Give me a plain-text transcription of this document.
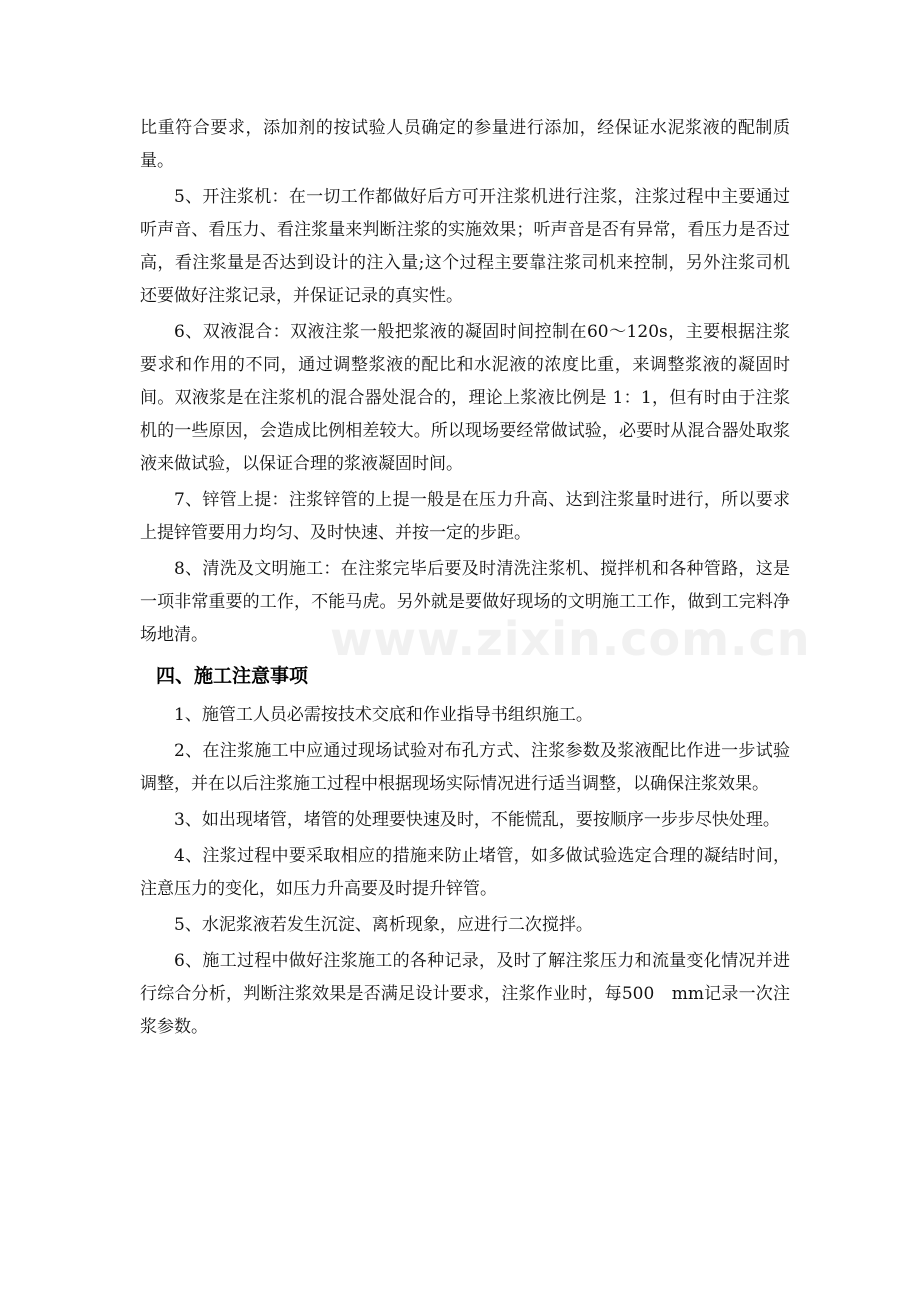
比重符合要求，添加剂的按试验人员确定的参量进行添加，经保证水泥浆液的配制质量。

5、开注浆机：在一切工作都做好后方可开注浆机进行注浆，注浆过程中主要通过听声音、看压力、看注浆量来判断注浆的实施效果；听声音是否有异常，看压力是否过高，看注浆量是否达到设计的注入量;这个过程主要靠注浆司机来控制，另外注浆司机还要做好注浆记录，并保证记录的真实性。

6、双液混合：双液注浆一般把浆液的凝固时间控制在60～120s，主要根据注浆要求和作用的不同，通过调整浆液的配比和水泥液的浓度比重，来调整浆液的凝固时间。双液浆是在注浆机的混合器处混合的，理论上浆液比例是 1：1，但有时由于注浆机的一些原因，会造成比例相差较大。所以现场要经常做试验，必要时从混合器处取浆液来做试验，以保证合理的浆液凝固时间。

7、锌管上提：注浆锌管的上提一般是在压力升高、达到注浆量时进行，所以要求上提锌管要用力均匀、及时快速、并按一定的步距。

8、清洗及文明施工：在注浆完毕后要及时清洗注浆机、搅拌机和各种管路，这是一项非常重要的工作，不能马虎。另外就是要做好现场的文明施工工作，做到工完料净场地清。

四、施工注意事项

1、施管工人员必需按技术交底和作业指导书组织施工。

2、在注浆施工中应通过现场试验对布孔方式、注浆参数及浆液配比作进一步试验调整，并在以后注浆施工过程中根据现场实际情况进行适当调整，以确保注浆效果。

3、如出现堵管，堵管的处理要快速及时，不能慌乱，要按顺序一步步尽快处理。

4、注浆过程中要采取相应的措施来防止堵管，如多做试验选定合理的凝结时间，注意压力的变化，如压力升高要及时提升锌管。

5、水泥浆液若发生沉淀、离析现象，应进行二次搅拌。

6、施工过程中做好注浆施工的各种记录，及时了解注浆压力和流量变化情况并进行综合分析，判断注浆效果是否满足设计要求，注浆作业时，每500　mm记录一次注浆参数。

www.zixin.com.cn
